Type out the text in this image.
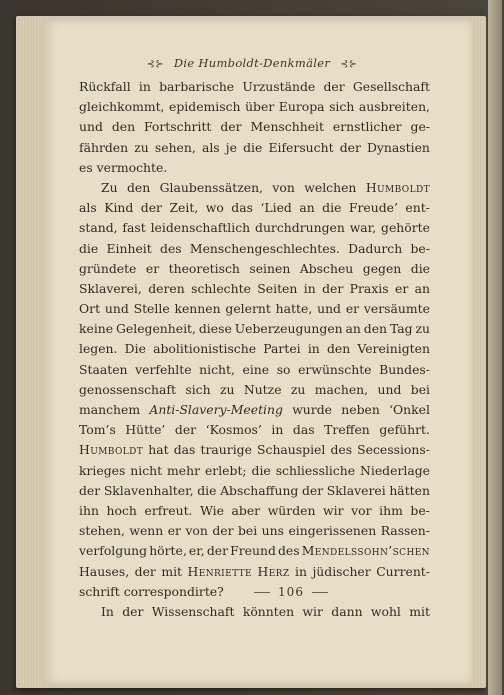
⊰⊱ Die Humboldt-Denkmäler ⊰⊱
Rückfall in barbarische Urzustände der Gesellschaft
gleichkommt, epidemisch über Europa sich ausbreiten,
und den Fortschritt der Menschheit ernstlicher ge-
fährden zu sehen, als je die Eifersucht der Dynastien
es vermochte.
Zu den Glaubenssätzen, von welchen Humboldt
als Kind der Zeit, wo das ‘Lied an die Freude’ ent-
stand, fast leidenschaftlich durchdrungen war, gehörte
die Einheit des Menschengeschlechtes. Dadurch be-
gründete er theoretisch seinen Abscheu gegen die
Sklaverei, deren schlechte Seiten in der Praxis er an
Ort und Stelle kennen gelernt hatte, und er versäumte
keine Gelegenheit, diese Ueberzeugungen an den Tag zu
legen. Die abolitionistische Partei in den Vereinigten
Staaten verfehlte nicht, eine so erwünschte Bundes-
genossenschaft sich zu Nutze zu machen, und bei
manchem Anti-Slavery-Meeting wurde neben ‘Onkel
Tom’s Hütte’ der ‘Kosmos’ in das Treffen geführt.
Humboldt hat das traurige Schauspiel des Secessions-
krieges nicht mehr erlebt; die schliessliche Niederlage
der Sklavenhalter, die Abschaffung der Sklaverei hätten
ihn hoch erfreut. Wie aber würden wir vor ihm be-
stehen, wenn er von der bei uns eingerissenen Rassen-
verfolgung hörte, er, der Freund des Mendelssohn’schen
Hauses, der mit Henriette Herz in jüdischer Current-
schrift correspondirte?
In der Wissenschaft könnten wir dann wohl mit
106
